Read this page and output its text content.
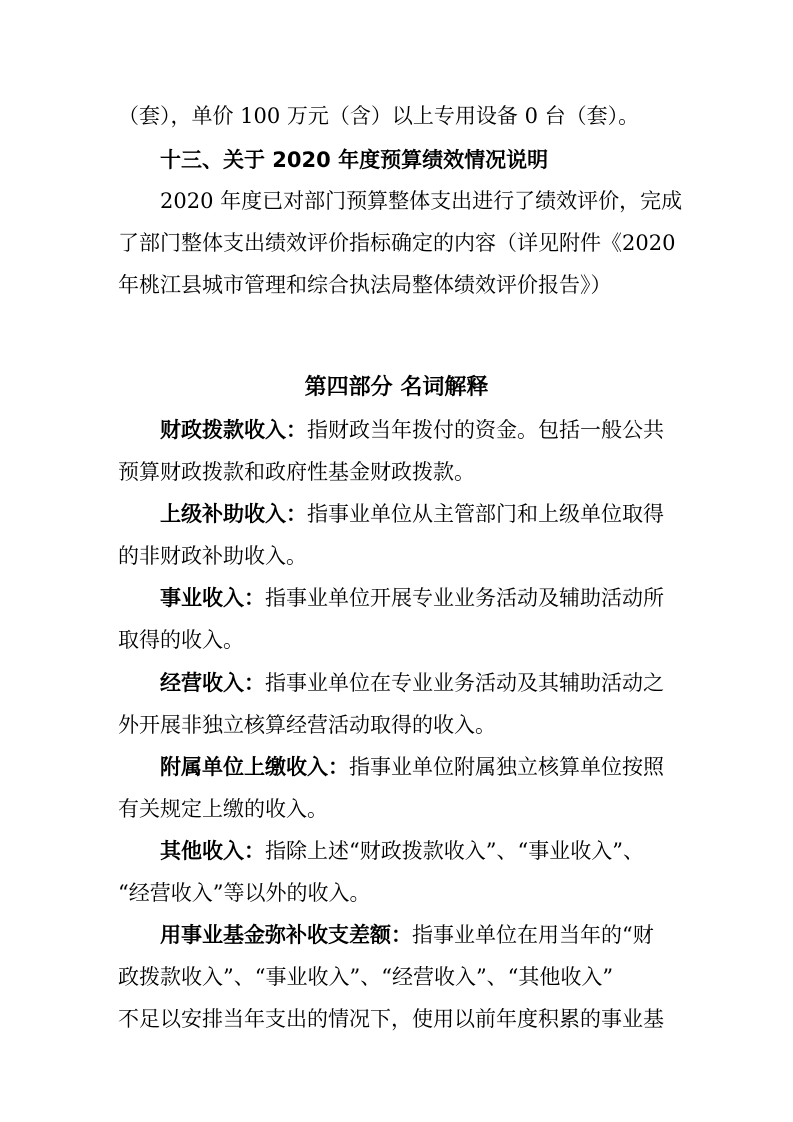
（套），单价 100 万元（含）以上专用设备 0 台（套）。
十三、关于 2020 年度预算绩效情况说明
2020 年度已对部门预算整体支出进行了绩效评价，完成
了部门整体支出绩效评价指标确定的内容（详见附件《2020
年桃江县城市管理和综合执法局整体绩效评价报告》）
第四部分 名词解释
财政拨款收入：指财政当年拨付的资金。包括一般公共
预算财政拨款和政府性基金财政拨款。
上级补助收入：指事业单位从主管部门和上级单位取得
的非财政补助收入。
事业收入：指事业单位开展专业业务活动及辅助活动所
取得的收入。
经营收入：指事业单位在专业业务活动及其辅助活动之
外开展非独立核算经营活动取得的收入。
附属单位上缴收入：指事业单位附属独立核算单位按照
有关规定上缴的收入。
其他收入：指除上述“财政拨款收入”、“事业收入”、
“经营收入”等以外的收入。
用事业基金弥补收支差额：指事业单位在用当年的“财
政拨款收入”、“事业收入”、“经营收入”、“其他收入”
不足以安排当年支出的情况下，使用以前年度积累的事业基
